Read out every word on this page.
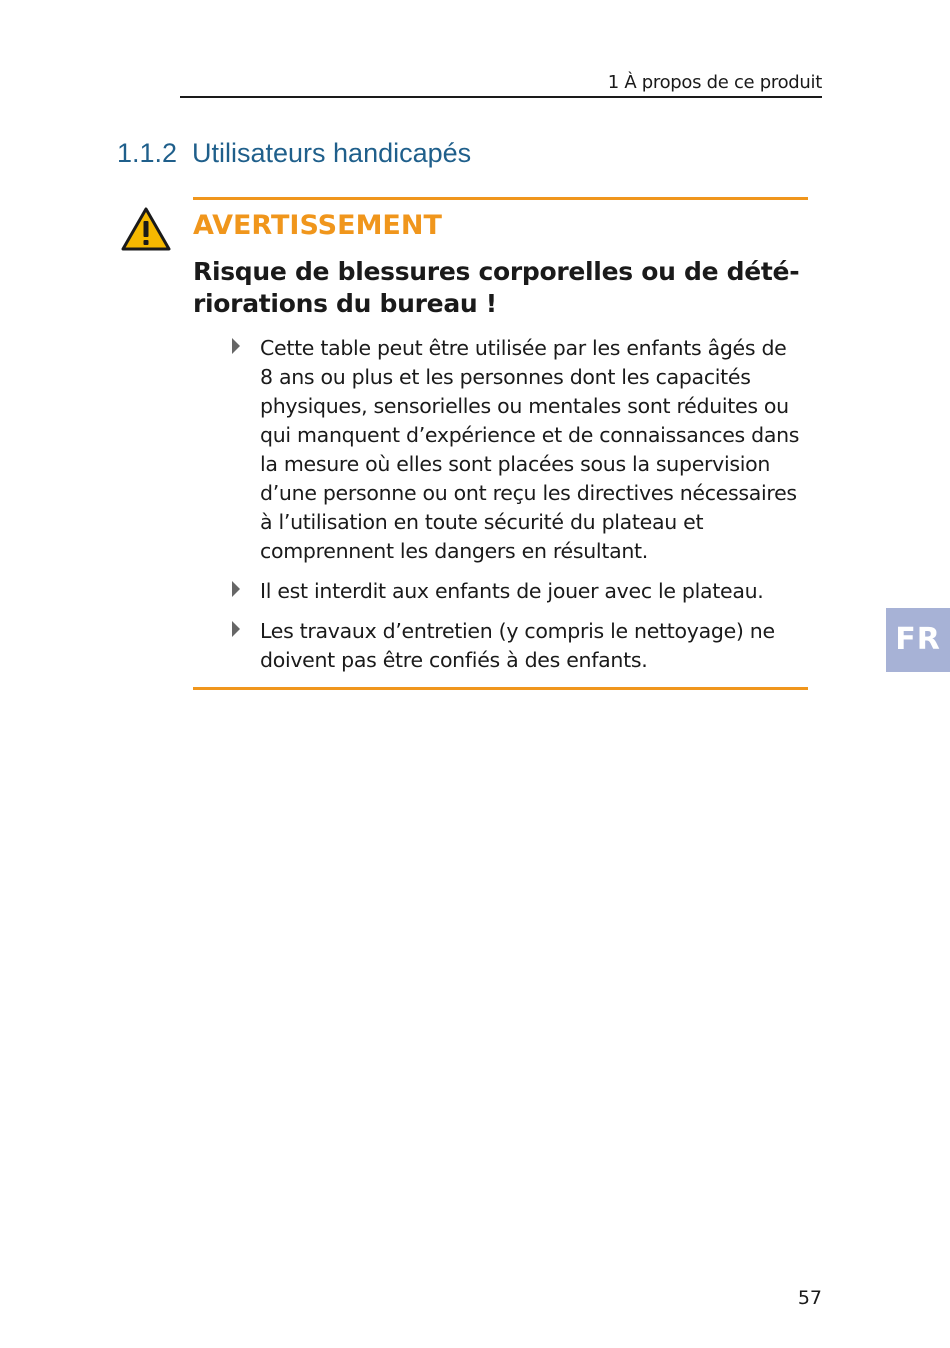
1 À propos de ce produit
1.1.2 Utilisateurs handicapés
AVERTISSEMENT
Risque de blessures corporelles ou de dété-
riorations du bureau !
Cette table peut être utilisée par les enfants âgés de
8 ans ou plus et les personnes dont les capacités
physiques, sensorielles ou mentales sont réduites ou
qui manquent d’expérience et de connaissances dans
la mesure où elles sont placées sous la supervision
d’une personne ou ont reçu les directives nécessaires
à l’utilisation en toute sécurité du plateau et
comprennent les dangers en résultant.
Il est interdit aux enfants de jouer avec le plateau.
Les travaux d’entretien (y compris le nettoyage) ne
doivent pas être confiés à des enfants.
FR
57
